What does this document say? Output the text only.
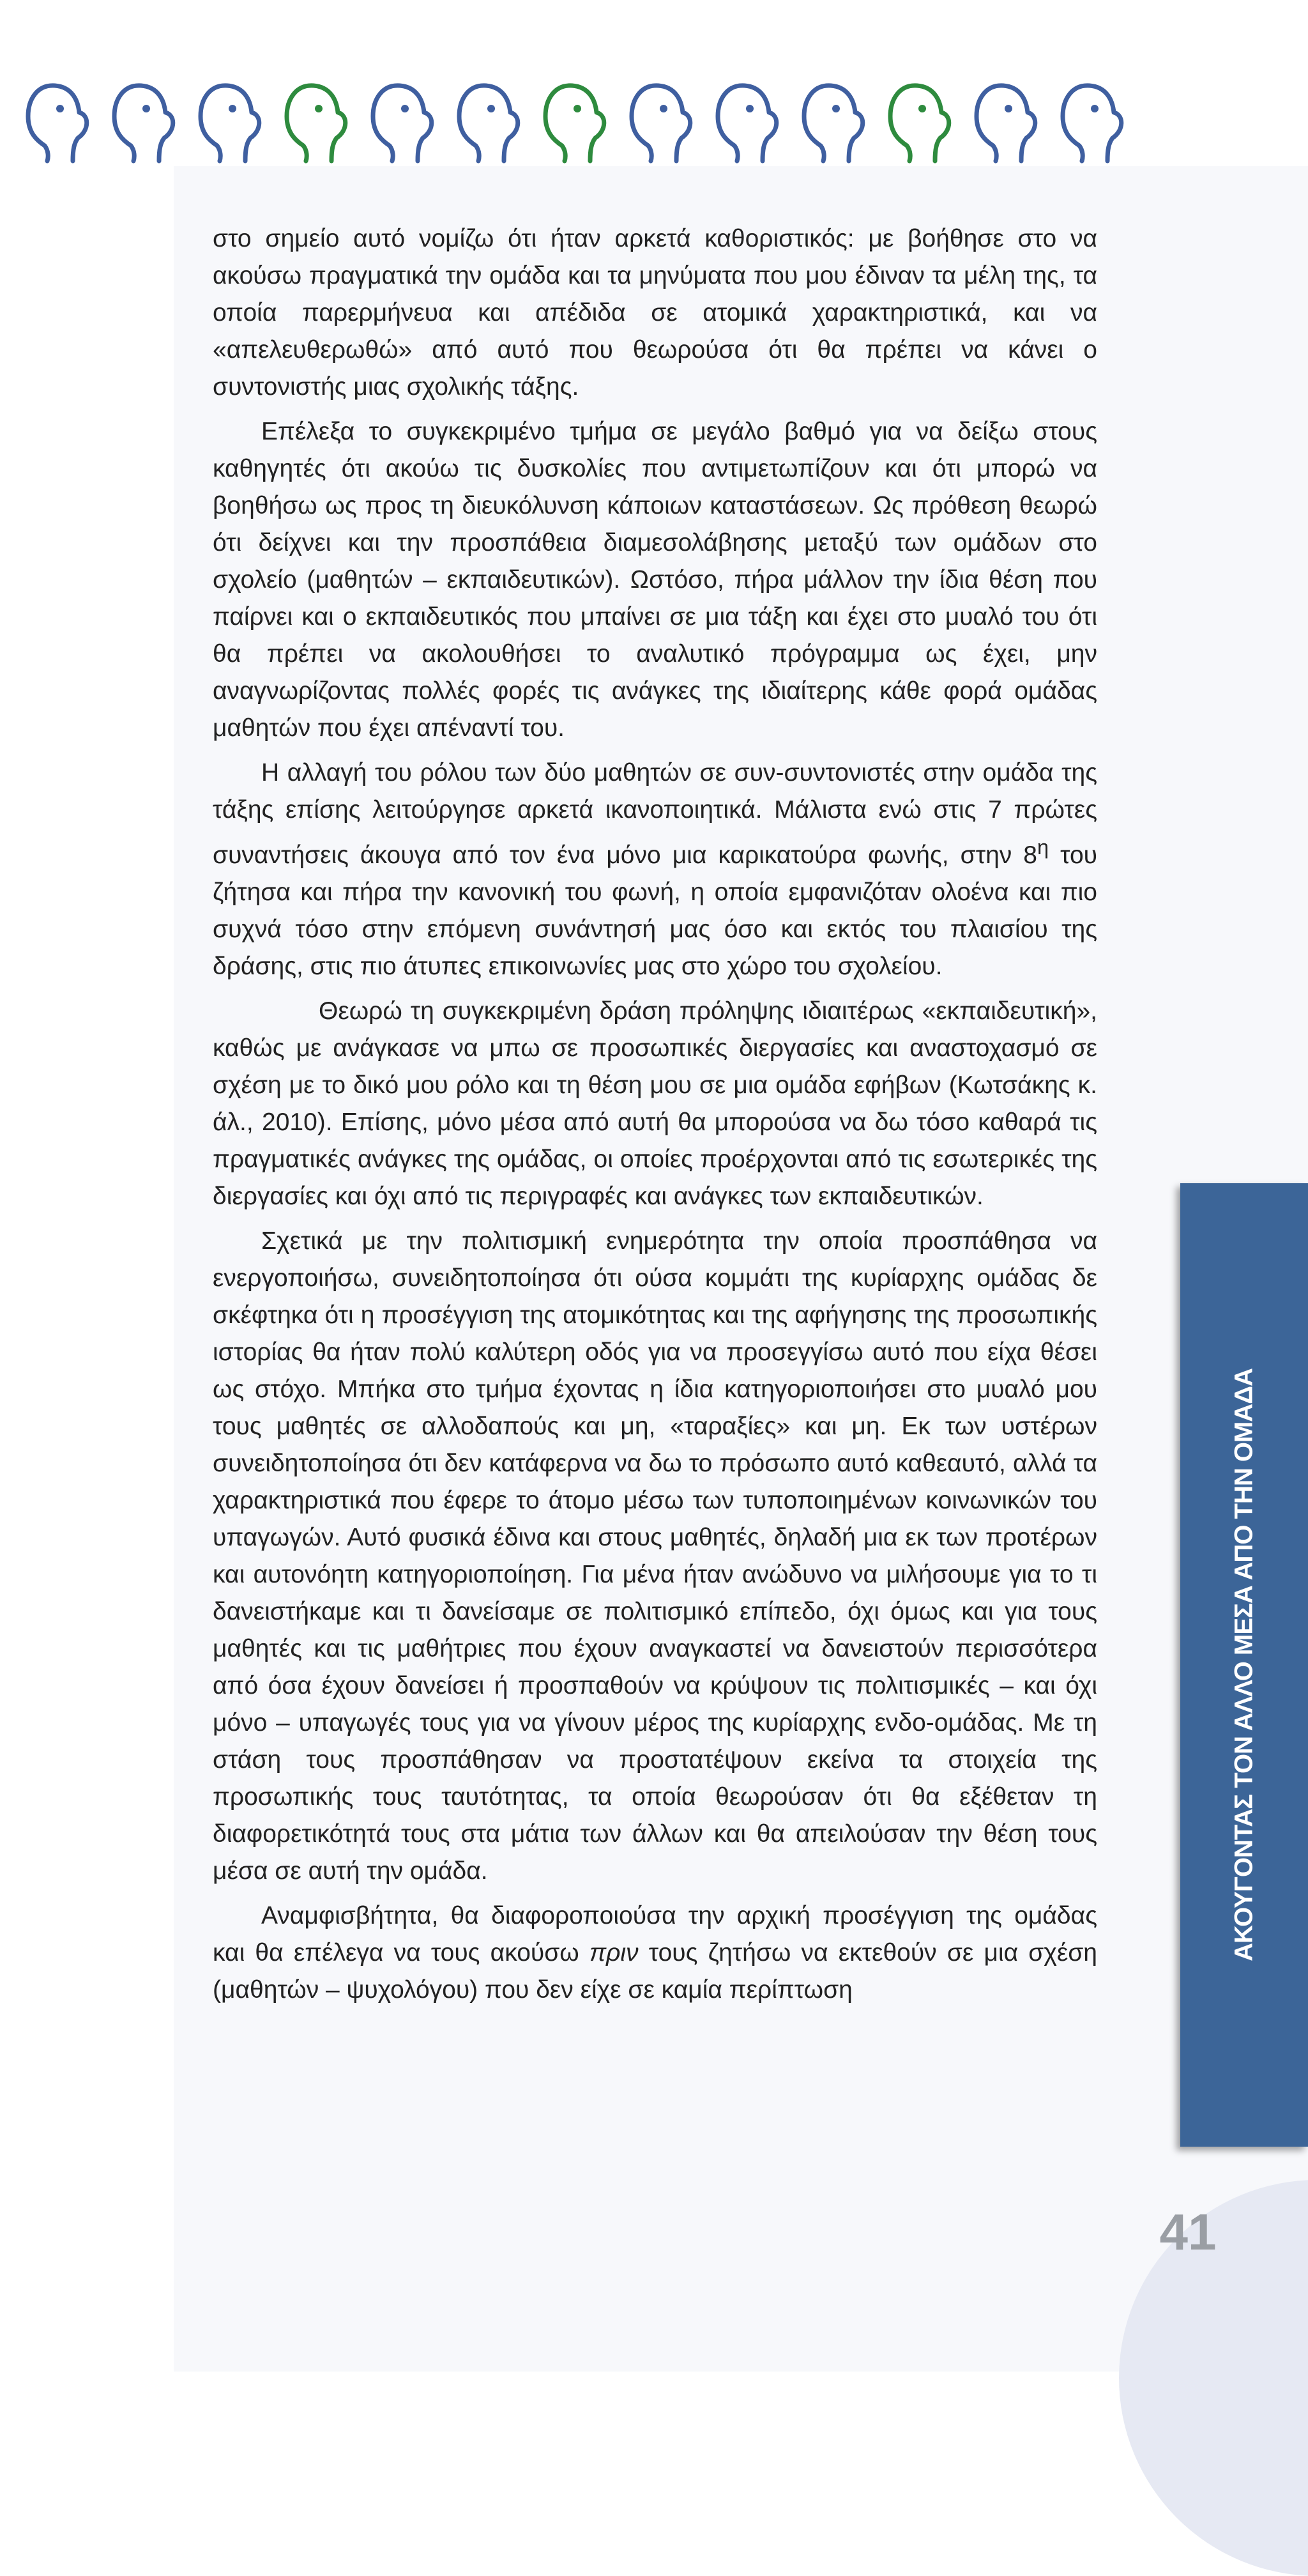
στο σημείο αυτό νομίζω ότι ήταν αρκετά καθοριστικός: με βοήθησε στο να ακούσω πραγματικά την ομάδα και τα μηνύματα που μου έδιναν τα μέλη της, τα οποία παρερμήνευα και απέδιδα σε ατομικά χαρακτηριστικά, και να «απελευθερωθώ» από αυτό που θεωρούσα ότι θα πρέπει να κάνει ο συντονιστής μιας σχολικής τάξης.

Επέλεξα το συγκεκριμένο τμήμα σε μεγάλο βαθμό για να δείξω στους καθηγητές ότι ακούω τις δυσκολίες που αντιμετωπίζουν και ότι μπορώ να βοηθήσω ως προς τη διευκόλυνση κάποιων καταστάσεων. Ως πρόθεση θεωρώ ότι δείχνει και την προσπάθεια διαμεσολάβησης μεταξύ των ομάδων στο σχολείο (μαθητών – εκπαιδευτικών). Ωστόσο, πήρα μάλλον την ίδια θέση που παίρνει και ο εκπαιδευτικός που μπαίνει σε μια τάξη και έχει στο μυαλό του ότι θα πρέπει να ακολουθήσει το αναλυτικό πρόγραμμα ως έχει, μην αναγνωρίζοντας πολλές φορές τις ανάγκες της ιδιαίτερης κάθε φορά ομάδας μαθητών που έχει απέναντί του.

Η αλλαγή του ρόλου των δύο μαθητών σε συν-συντονιστές στην ομάδα της τάξης επίσης λειτούργησε αρκετά ικανοποιητικά. Μάλιστα ενώ στις 7 πρώτες συναντήσεις άκουγα από τον ένα μόνο μια καρικατούρα φωνής, στην $8^\eta$ του ζήτησα και πήρα την κανονική του φωνή, η οποία εμφανιζόταν ολοένα και πιο συχνά τόσο στην επόμενη συνάντησή μας όσο και εκτός του πλαισίου της δράσης, στις πιο άτυπες επικοινωνίες μας στο χώρο του σχολείου.

Θεωρώ τη συγκεκριμένη δράση πρόληψης ιδιαιτέρως «εκπαιδευτική», καθώς με ανάγκασε να μπω σε προσωπικές διεργασίες και αναστοχασμό σε σχέση με το δικό μου ρόλο και τη θέση μου σε μια ομάδα εφήβων (Κωτσάκης κ. άλ., 2010). Επίσης, μόνο μέσα από αυτή θα μπορούσα να δω τόσο καθαρά τις πραγματικές ανάγκες της ομάδας, οι οποίες προέρχονται από τις εσωτερικές της διεργασίες και όχι από τις περιγραφές και ανάγκες των εκπαιδευτικών.

Σχετικά με την πολιτισμική ενημερότητα την οποία προσπάθησα να ενεργοποιήσω, συνειδητοποίησα ότι ούσα κομμάτι της κυρίαρχης ομάδας δε σκέφτηκα ότι η προσέγγιση της ατομικότητας και της αφήγησης της προσωπικής ιστορίας θα ήταν πολύ καλύτερη οδός για να προσεγγίσω αυτό που είχα θέσει ως στόχο. Μπήκα στο τμήμα έχοντας η ίδια κατηγοριοποιήσει στο μυαλό μου τους μαθητές σε αλλοδαπούς και μη, «ταραξίες» και μη. Εκ των υστέρων συνειδητοποίησα ότι δεν κατάφερνα να δω το πρόσωπο αυτό καθεαυτό, αλλά τα χαρακτηριστικά που έφερε το άτομο μέσω των τυποποιημένων κοινωνικών του υπαγωγών. Αυτό φυσικά έδινα και στους μαθητές, δηλαδή μια εκ των προτέρων και αυτονόητη κατηγοριοποίηση. Για μένα ήταν ανώδυνο να μιλήσουμε για το τι δανειστήκαμε και τι δανείσαμε σε πολιτισμικό επίπεδο, όχι όμως και για τους μαθητές και τις μαθήτριες που έχουν αναγκαστεί να δανειστούν περισσότερα από όσα έχουν δανείσει ή προσπαθούν να κρύψουν τις πολιτισμικές – και όχι μόνο – υπαγωγές τους για να γίνουν μέρος της κυρίαρχης ενδο-ομάδας. Με τη στάση τους προσπάθησαν να προστατέψουν εκείνα τα στοιχεία της προσωπικής τους ταυτότητας, τα οποία θεωρούσαν ότι θα εξέθεταν τη διαφορετικότητά τους στα μάτια των άλλων και θα απειλούσαν την θέση τους μέσα σε αυτή την ομάδα.

Αναμφισβήτητα, θα διαφοροποιούσα την αρχική προσέγγιση της ομάδας και θα επέλεγα να τους ακούσω πριν τους ζητήσω να εκτεθούν σε μια σχέση (μαθητών – ψυχολόγου) που δεν είχε σε καμία περίπτωση

ΑΚΟΥΓΟΝΤΑΣ ΤΟΝ ΑΛΛΟ ΜΕΣΑ ΑΠΟ ΤΗΝ ΟΜΑΔΑ
41
